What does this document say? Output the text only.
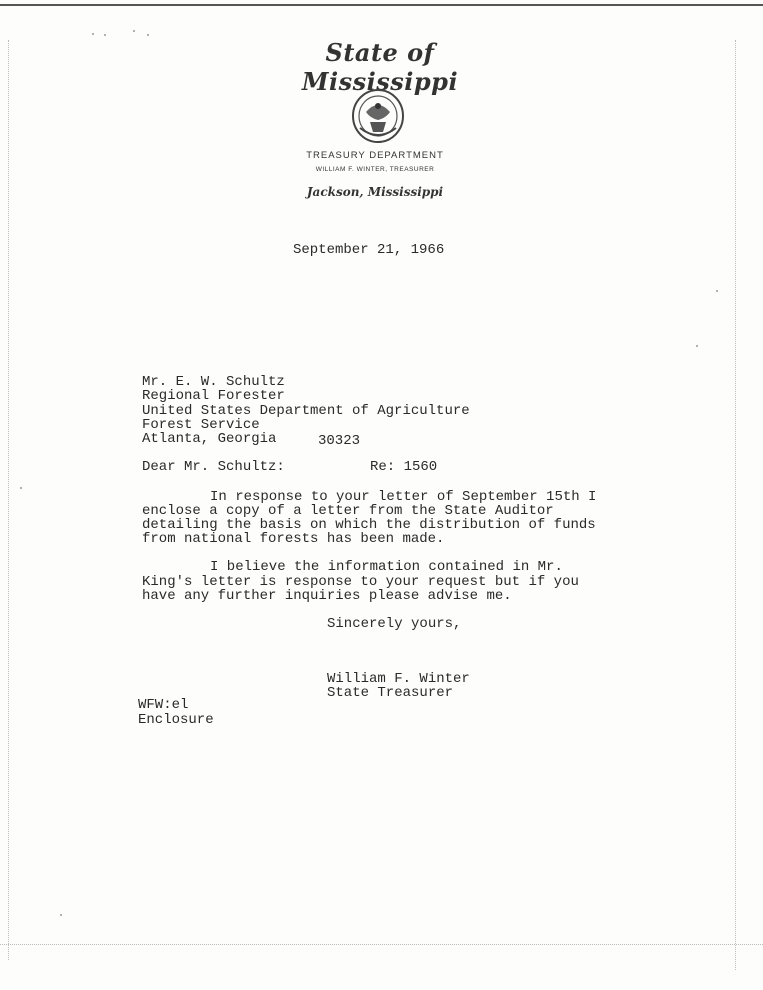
State of Mississippi
TREASURY DEPARTMENT
WILLIAM F. WINTER, TREASURER
Jackson, Mississippi
September 21, 1966
Mr. E. W. Schultz
Regional Forester
United States Department of Agriculture
Forest Service
Atlanta, Georgia	30323
Dear Mr. Schultz:	Re: 1560
In response to your letter of September 15th I
enclose a copy of a letter from the State Auditor
detailing the basis on which the distribution of funds
from national forests has been made.
I believe the information contained in Mr.
King's letter is response to your request but if you
have any further inquiries please advise me.
Sincerely yours,
William F. Winter
State Treasurer
WFW:el
Enclosure
